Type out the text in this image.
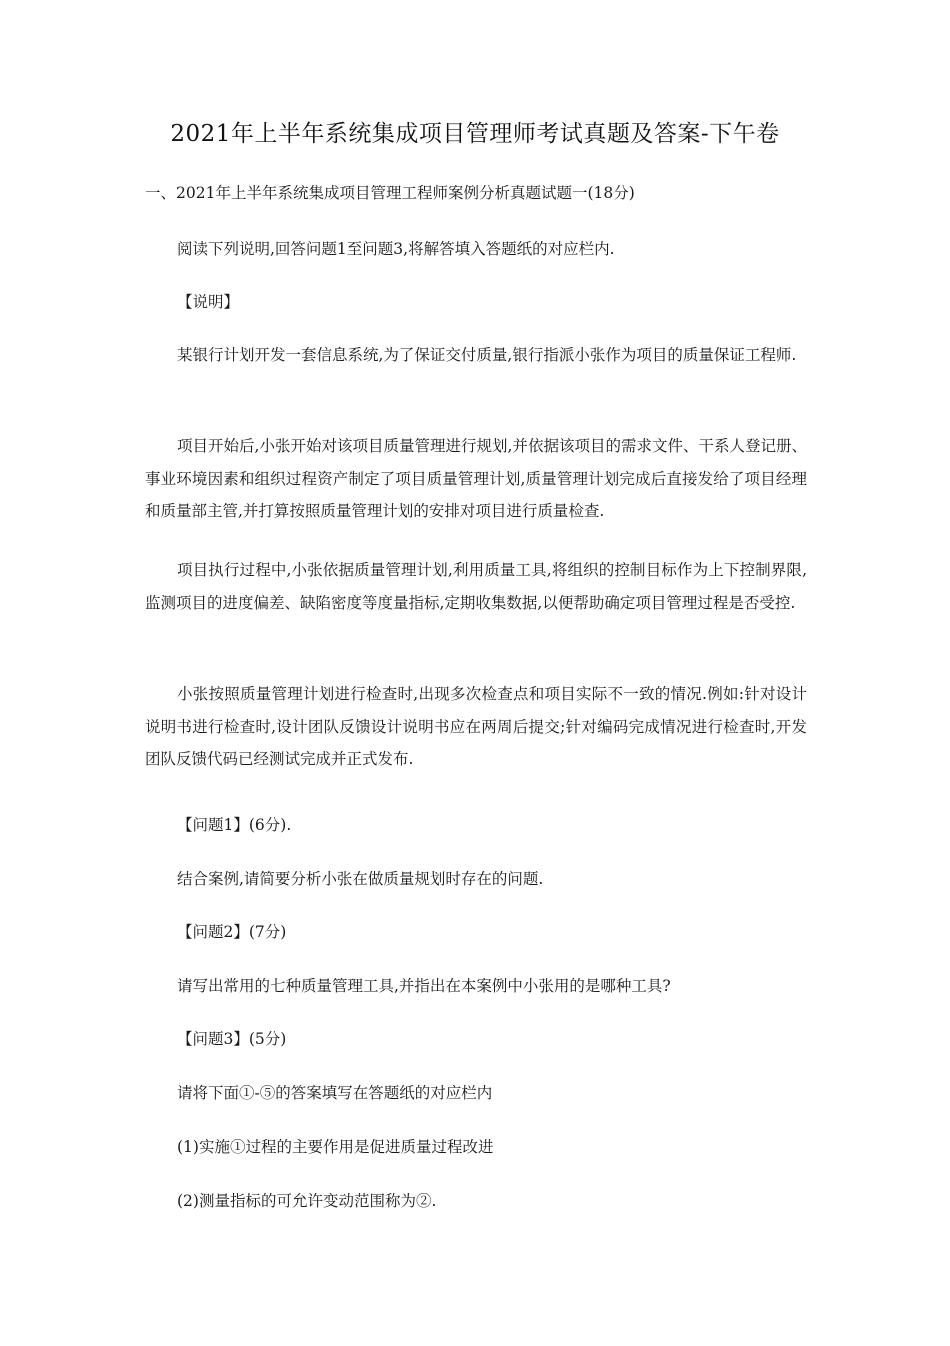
2021年上半年系统集成项目管理师考试真题及答案-下午卷
一、2021年上半年系统集成项目管理工程师案例分析真题试题一(18分)
阅读下列说明,回答问题1至问题3,将解答填入答题纸的对应栏内.
【说明】

某银行计划开发一套信息系统,为了保证交付质量,银行指派小张作为项目的质量保证工程师.

项目开始后,小张开始对该项目质量管理进行规划,并依据该项目的需求文件、干系人登记册、事业环境因素和组织过程资产制定了项目质量管理计划,质量管理计划完成后直接发给了项目经理和质量部主管,并打算按照质量管理计划的安排对项目进行质量检查.

项目执行过程中,小张依据质量管理计划,利用质量工具,将组织的控制目标作为上下控制界限,监测项目的进度偏差、缺陷密度等度量指标,定期收集数据,以便帮助确定项目管理过程是否受控.

小张按照质量管理计划进行检查时,出现多次检查点和项目实际不一致的情况.例如:针对设计说明书进行检查时,设计团队反馈设计说明书应在两周后提交;针对编码完成情况进行检查时,开发团队反馈代码已经测试完成并正式发布.

【问题1】(6分).
结合案例,请简要分析小张在做质量规划时存在的问题.
【问题2】(7分)
请写出常用的七种质量管理工具,并指出在本案例中小张用的是哪种工具?
【问题3】(5分)
请将下面①-⑤的答案填写在答题纸的对应栏内
(1)实施①过程的主要作用是促进质量过程改进
(2)测量指标的可允许变动范围称为②.
